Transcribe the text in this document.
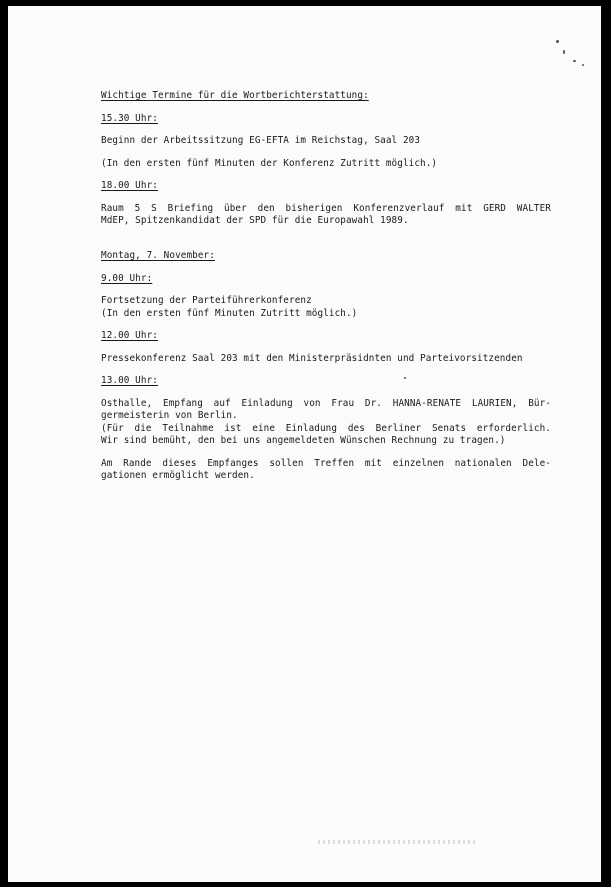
Wichtige Termine für die Wortberichterstattung:
15.30 Uhr:
Beginn der Arbeitssitzung EG-EFTA im Reichstag, Saal 203
(In den ersten fünf Minuten der Konferenz Zutritt möglich.)
18.00 Uhr:
Raum 5 S Briefing über den bisherigen Konferenzverlauf mit GERD WALTER
MdEP, Spitzenkandidat der SPD für die Europawahl 1989.
Montag, 7. November:
9.00 Uhr:
Fortsetzung der Parteiführerkonferenz
(In den ersten fünf Minuten Zutritt möglich.)
12.00 Uhr:
Pressekonferenz Saal 203 mit den Ministerpräsidnten und Parteivorsitzenden
13.00 Uhr:
Osthalle, Empfang auf Einladung von Frau Dr. HANNA-RENATE LAURIEN, Bür-
germeisterin von Berlin.
(Für die Teilnahme ist eine Einladung des Berliner Senats erforderlich.
Wir sind bemüht, den bei uns angemeldeten Wünschen Rechnung zu tragen.)
Am Rande dieses Empfanges sollen Treffen mit einzelnen nationalen Dele-
gationen ermöglicht werden.
